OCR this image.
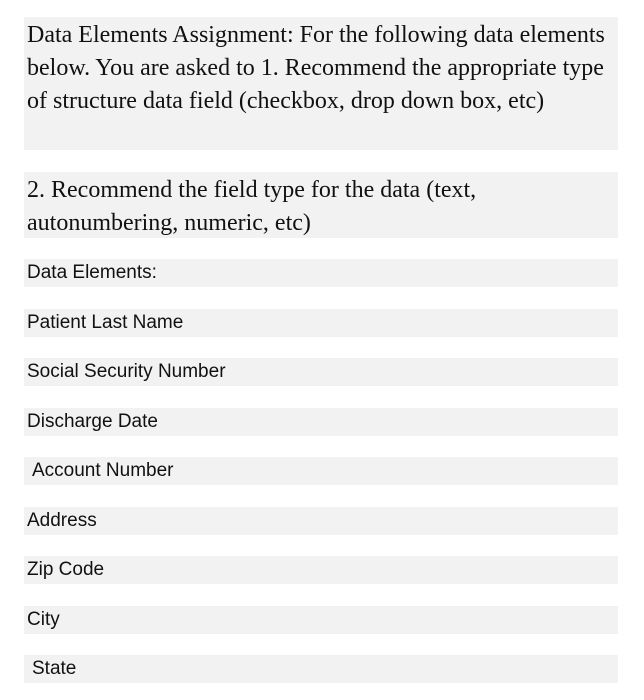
Data Elements Assignment: For the following data elements below. You are asked to 1. Recommend the appropriate type of structure data field (checkbox, drop down box, etc)
2. Recommend the field type for the data (text, autonumbering, numeric, etc)
Data Elements:
Patient Last Name
Social Security Number
Discharge Date
Account Number
Address
Zip Code
City
State
